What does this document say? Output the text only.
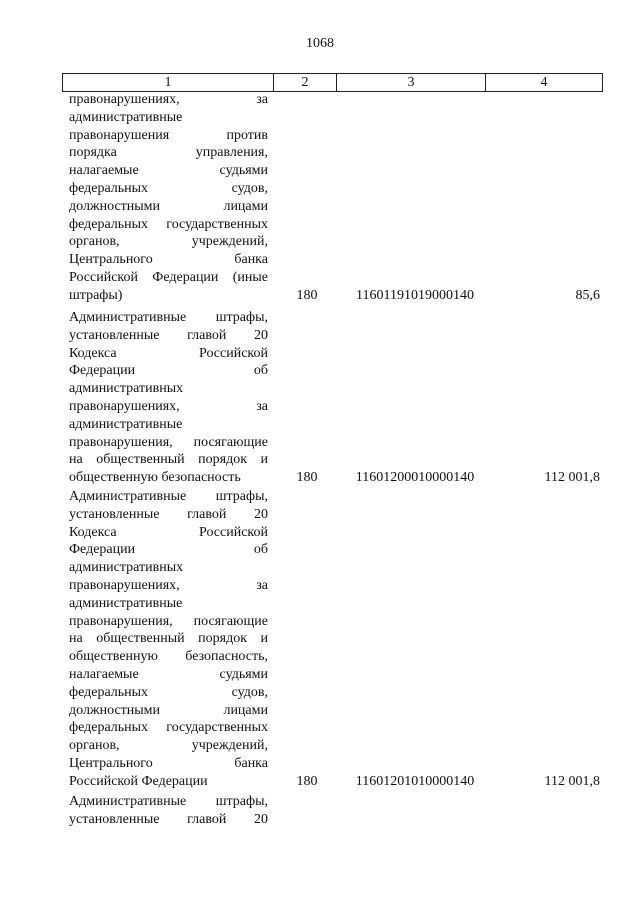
1068
1	2	3	4
правонарушениях, за
административные
правонарушения против
порядка управления,
налагаемые судьями
федеральных судов,
должностными лицами
федеральных государственных
органов, учреждений,
Центрального банка
Российской Федерации (иные
штрафы)	180	11601191019000140	85,6
Административные штрафы,
установленные главой 20
Кодекса Российской
Федерации об
административных
правонарушениях, за
административные
правонарушения, посягающие
на общественный порядок и
общественную безопасность	180	11601200010000140	112 001,8
Административные штрафы,
установленные главой 20
Кодекса Российской
Федерации об
административных
правонарушениях, за
административные
правонарушения, посягающие
на общественный порядок и
общественную безопасность,
налагаемые судьями
федеральных судов,
должностными лицами
федеральных государственных
органов, учреждений,
Центрального банка
Российской Федерации	180	11601201010000140	112 001,8
Административные штрафы,
установленные главой 20
